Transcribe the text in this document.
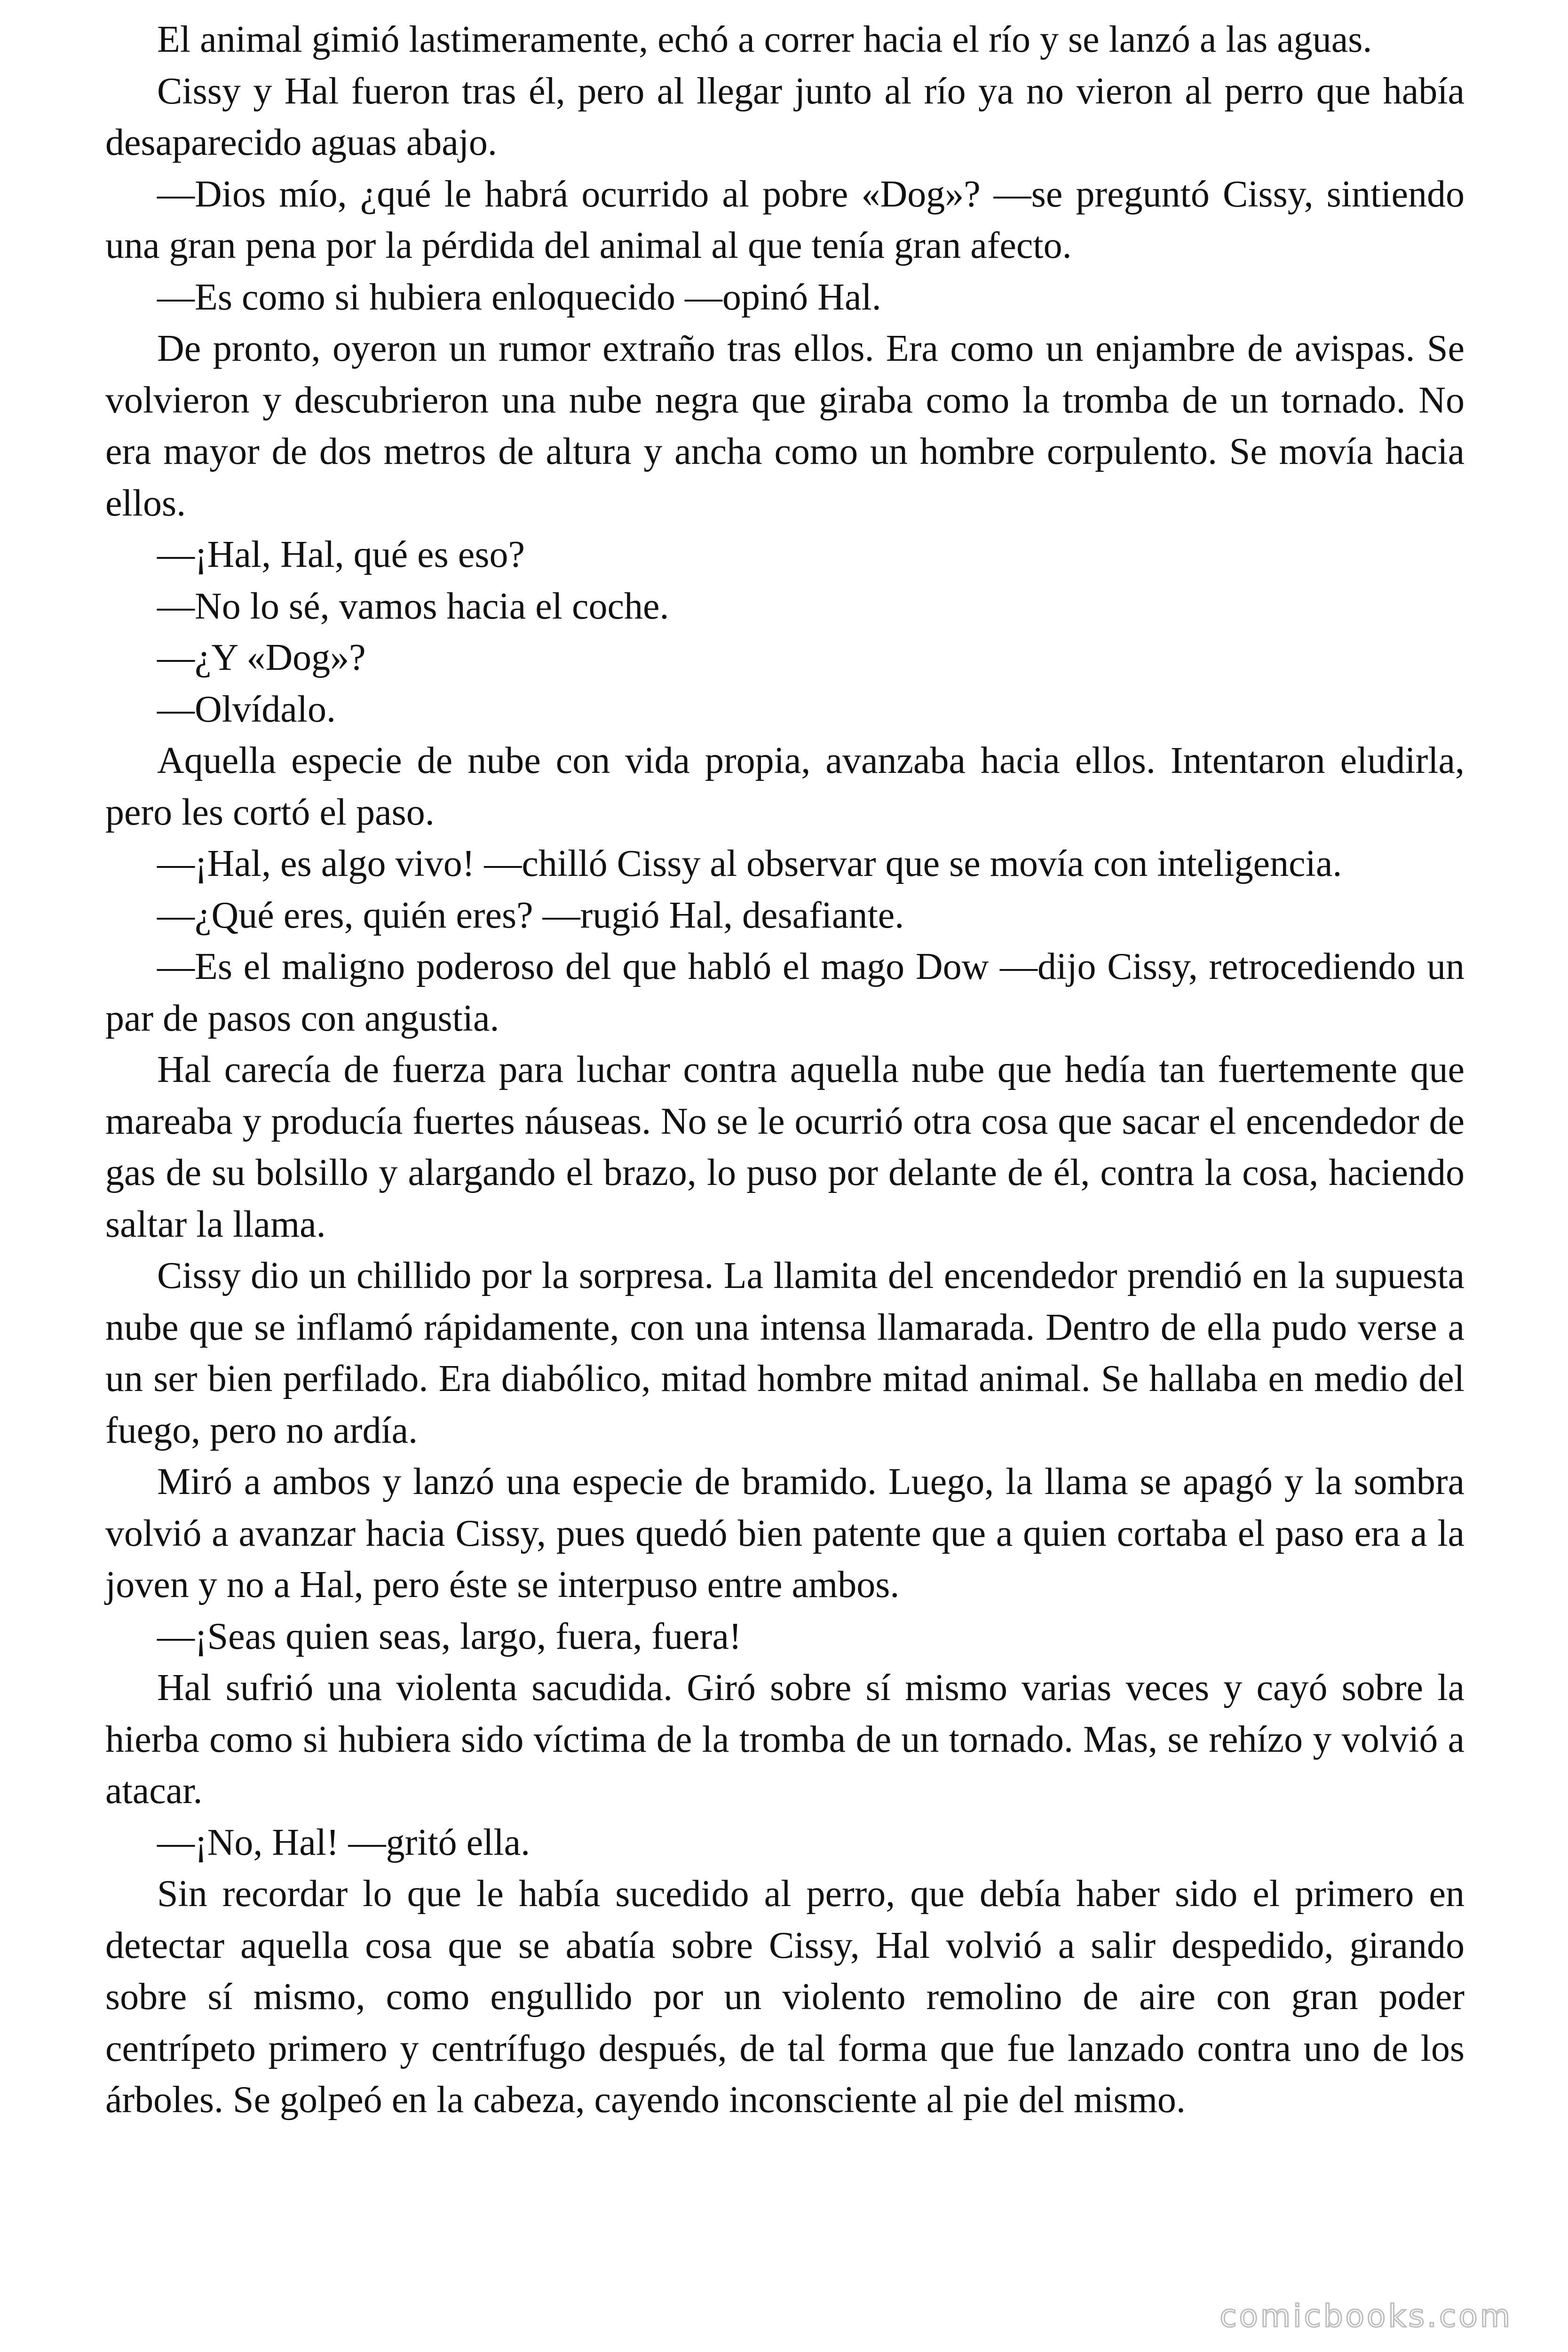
El animal gimió lastimeramente, echó a correr hacia el río y se lanzó a las aguas.

Cissy y Hal fueron tras él, pero al llegar junto al río ya no vieron al perro que había desaparecido aguas abajo.

—Dios mío, ¿qué le habrá ocurrido al pobre «Dog»? —se preguntó Cissy, sintiendo una gran pena por la pérdida del animal al que tenía gran afecto.

—Es como si hubiera enloquecido —opinó Hal.

De pronto, oyeron un rumor extraño tras ellos. Era como un enjambre de avispas. Se volvieron y descubrieron una nube negra que giraba como la tromba de un tornado. No era mayor de dos metros de altura y ancha como un hombre corpulento. Se movía hacia ellos.

—¡Hal, Hal, qué es eso?

—No lo sé, vamos hacia el coche.

—¿Y «Dog»?

—Olvídalo.

Aquella especie de nube con vida propia, avanzaba hacia ellos. Intentaron eludirla, pero les cortó el paso.

—¡Hal, es algo vivo! —chilló Cissy al observar que se movía con inteligencia.

—¿Qué eres, quién eres? —rugió Hal, desafiante.

—Es el maligno poderoso del que habló el mago Dow —dijo Cissy, retrocediendo un par de pasos con angustia.

Hal carecía de fuerza para luchar contra aquella nube que hedía tan fuertemente que mareaba y producía fuertes náuseas. No se le ocurrió otra cosa que sacar el encendedor de gas de su bolsillo y alargando el brazo, lo puso por delante de él, contra la cosa, haciendo saltar la llama.

Cissy dio un chillido por la sorpresa. La llamita del encendedor prendió en la supuesta nube que se inflamó rápidamente, con una intensa llamarada. Dentro de ella pudo verse a un ser bien perfilado. Era diabólico, mitad hombre mitad animal. Se hallaba en medio del fuego, pero no ardía.

Miró a ambos y lanzó una especie de bramido. Luego, la llama se apagó y la sombra volvió a avanzar hacia Cissy, pues quedó bien patente que a quien cortaba el paso era a la joven y no a Hal, pero éste se interpuso entre ambos.

—¡Seas quien seas, largo, fuera, fuera!

Hal sufrió una violenta sacudida. Giró sobre sí mismo varias veces y cayó sobre la hierba como si hubiera sido víctima de la tromba de un tornado. Mas, se rehízo y volvió a atacar.

—¡No, Hal! —gritó ella.

Sin recordar lo que le había sucedido al perro, que debía haber sido el primero en detectar aquella cosa que se abatía sobre Cissy, Hal volvió a salir despedido, girando sobre sí mismo, como engullido por un violento remolino de aire con gran poder centrípeto primero y centrífugo después, de tal forma que fue lanzado contra uno de los árboles. Se golpeó en la cabeza, cayendo inconsciente al pie del mismo.

comicbooks.com
